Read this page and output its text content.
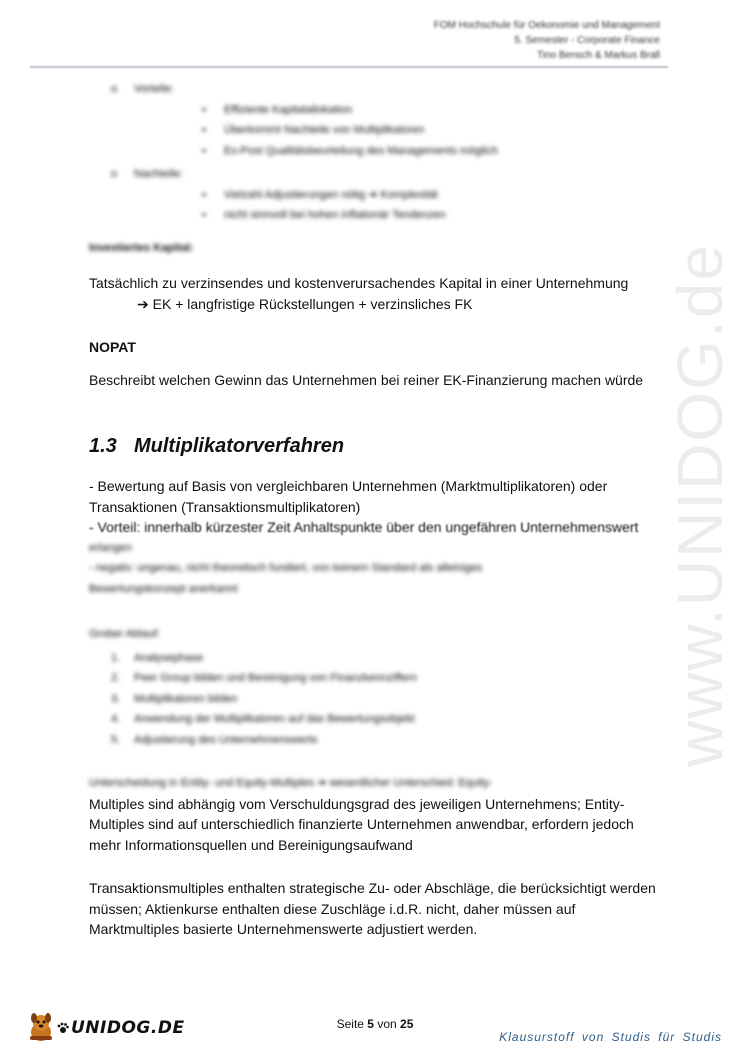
FOM Hochschule für Oekonomie und Management
5. Semester - Corporate Finance
Tino Bensch & Markus Brall
www.UNIDOG.de
o Vorteile:
▪ Effiziente Kapitalallokation
▪ Überkommt Nachteile von Multiplikatoren
▪ Ex-Post Qualitätsbeurteilung des Managements möglich
o Nachteile:
▪ Vielzahl Adjustierungen nötig ➔ Komplexität
▪ nicht sinnvoll bei hohen inflationär Tendenzen
Investiertes Kapital:
Tatsächlich zu verzinsendes und kostenverursachendes Kapital in einer Unternehmung
➔ EK + langfristige Rückstellungen + verzinsliches FK
NOPAT
Beschreibt welchen Gewinn das Unternehmen bei reiner EK-Finanzierung machen würde
1.3 Multiplikatorverfahren
- Bewertung auf Basis von vergleichbaren Unternehmen (Marktmultiplikatoren) oder
Transaktionen (Transaktionsmultiplikatoren)
- Vorteil: innerhalb kürzester Zeit Anhaltspunkte über den ungefähren Unternehmenswert
erlangen
- negativ: ungenau, nicht theoretisch fundiert, von keinem Standard als alleiniges
Bewertungskonzept anerkannt
Grober Ablauf:
1. Analysephase
2. Peer Group bilden und Bereinigung von Finanzkennziffern
3. Multiplikatoren bilden
4. Anwendung der Multiplikatoren auf das Bewertungsobjekt
5. Adjustierung des Unternehmenswerts
Unterscheidung in Entity- und Equity-Multiples ➔ wesentlicher Unterschied: Equity-
Multiples sind abhängig vom Verschuldungsgrad des jeweiligen Unternehmens; Entity-
Multiples sind auf unterschiedlich finanzierte Unternehmen anwendbar, erfordern jedoch
mehr Informationsquellen und Bereinigungsaufwand
Transaktionsmultiples enthalten strategische Zu- oder Abschläge, die berücksichtigt werden
müssen; Aktienkurse enthalten diese Zuschläge i.d.R. nicht, daher müssen auf
Marktmultiples basierte Unternehmenswerte adjustiert werden.
Seite 5 von 25
UNIDOG.DE	Klausurstoff von Studis für Studis
